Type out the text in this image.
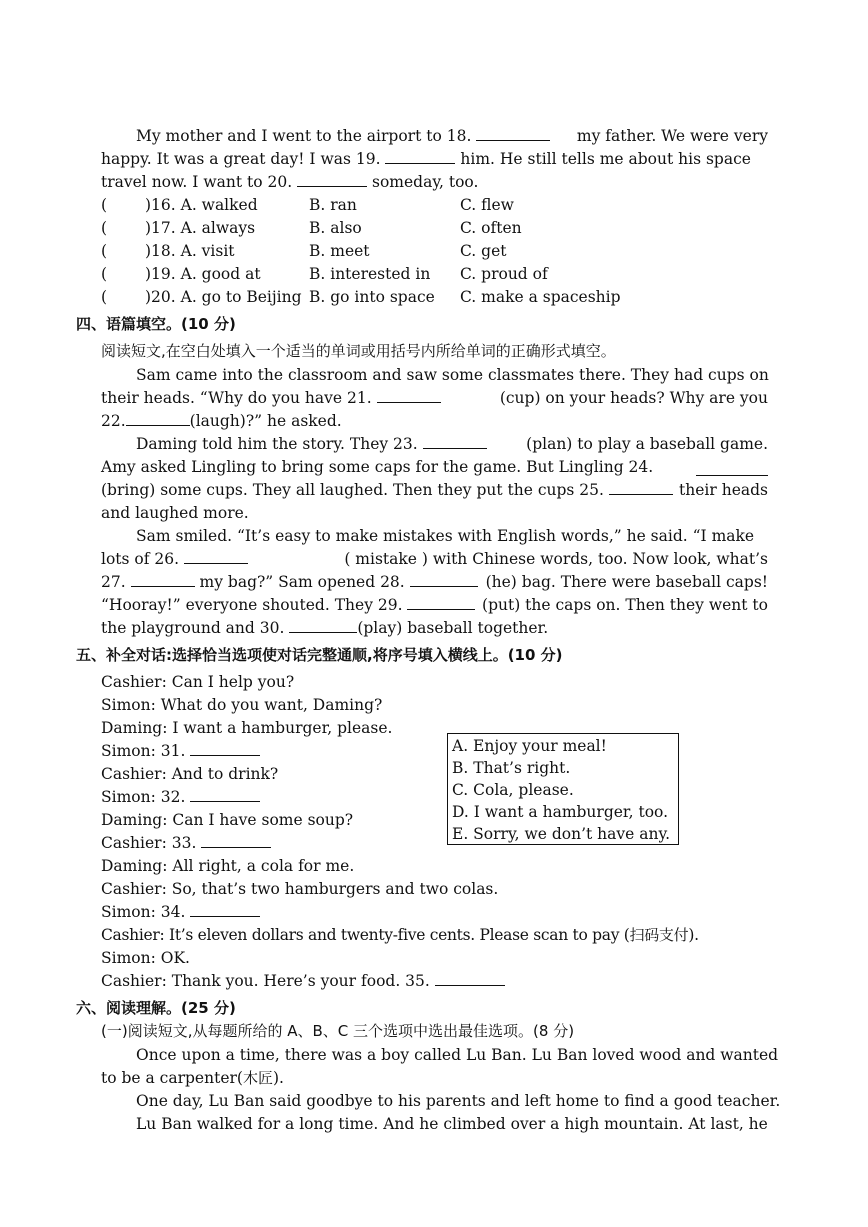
My mother and I went to the airport to 18.	my father. We were very
happy. It was a great day! I was 19.	him. He still tells me about his space
travel now. I want to 20.	someday, too.
( )16. A. walked	B. ran	C. flew
( )17. A. always	B. also	C. often
( )18. A. visit	B. meet	C. get
( )19. A. good at	B. interested in C. proud of
( )20. A. go to Beijing B. go into space C. make a spaceship
四、语篇填空。(10 分)
阅读短文,在空白处填入一个适当的单词或用括号内所给单词的正确形式填空。
Sam came into the classroom and saw some classmates there. They had cups on
their heads. “Why do you have 21.	(cup) on your heads? Why are you
22.	(laugh)?” he asked.
Daming told him the story. They 23.	(plan) to play a baseball game.
Amy asked Lingling to bring some caps for the game. But Lingling 24.
(bring) some cups. They all laughed. Then they put the cups 25.	their heads
and laughed more.
Sam smiled. “It’s easy to make mistakes with English words,” he said. “I make
lots of 26.	( mistake ) with Chinese words, too. Now look, what’s
27.	my bag?” Sam opened 28.	(he) bag. There were baseball caps!
“Hooray!” everyone shouted. They 29.	(put) the caps on. Then they went to
the playground and 30.	(play) baseball together.
五、补全对话:选择恰当选项使对话完整通顺,将序号填入横线上。(10 分)
Cashier: Can I help you?
Simon: What do you want, Daming?
Daming: I want a hamburger, please.
Simon: 31.
Cashier: And to drink?
Simon: 32.
Daming: Can I have some soup?
Cashier: 33.
Daming: All right, a cola for me.
Cashier: So, that’s two hamburgers and two colas.
Simon: 34.
Cashier: It’s eleven dollars and twenty-five cents. Please scan to pay (扫码支付).
Simon: OK.
Cashier: Thank you. Here’s your food. 35.
A. Enjoy your meal!
B. That’s right.
C. Cola, please.
D. I want a hamburger, too.
E. Sorry, we don’t have any.
六、阅读理解。(25 分)
(一)阅读短文,从每题所给的 A、B、C 三个选项中选出最佳选项。(8 分)
Once upon a time, there was a boy called Lu Ban. Lu Ban loved wood and wanted
to be a carpenter(木匠).
One day, Lu Ban said goodbye to his parents and left home to find a good teacher.
Lu Ban walked for a long time. And he climbed over a high mountain. At last, he
